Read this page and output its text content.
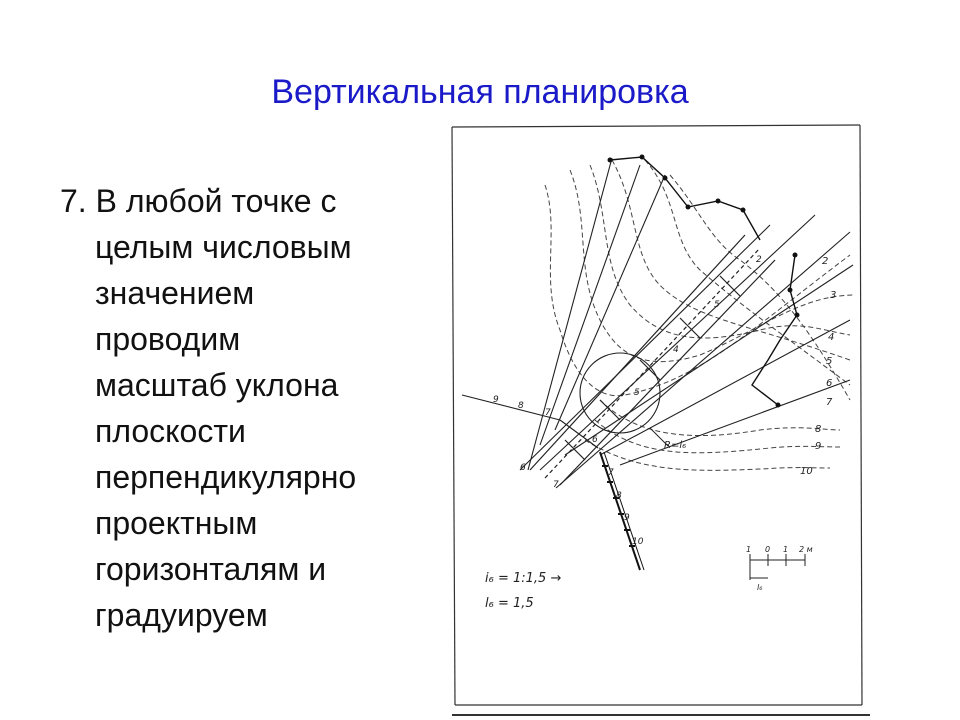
Вертикальная планировка
7. В любой точке с
целым числовым
значением
проводим
масштаб уклона
плоскости
перпендикулярно
проектным
горизонталям и
градуируем
2
3
4
5
6
7
8
9
10
9
8
7
4
5
6
2
5
7
6	7
8
9
10
R=l₆
i₆ = 1:1,5 →
l₆ = 1,5
1 0 1 2 м
l₆
